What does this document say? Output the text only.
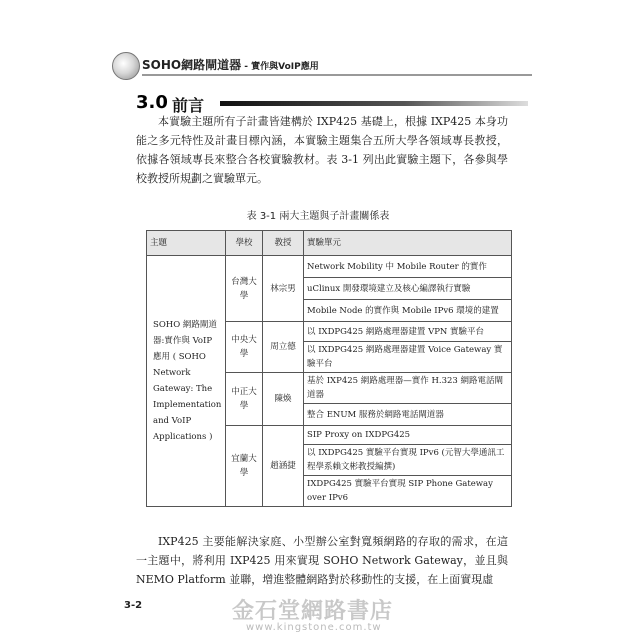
SOHO網路閘道器 - 實作與VoIP應用
3.0 前言

本實驗主題所有子計畫皆建構於 IXP425 基礎上，根據 IXP425 本身功能之多元特性及計畫目標內涵，本實驗主題集合五所大學各領域專長教授，依據各領域專長來整合各校實驗教材。表 3-1 列出此實驗主題下，各參與學校教授所規劃之實驗單元。

表 3-1 兩大主題與子計畫關係表
主題	學校	教授	實驗單元
SOHO 網路閘道器:實作與 VoIP 應用 ( SOHO Network Gateway: The Implementation and VoIP Applications )	台灣大學	林宗男	Network Mobility 中 Mobile Router 的實作
			uClinux 開發環境建立及核心編譯執行實驗
			Mobile Node 的實作與 Mobile IPv6 環境的建置
	中央大學	周立德	以 IXDPG425 網路處理器建置 VPN 實驗平台
			以 IXDPG425 網路處理器建置 Voice Gateway 實驗平台
	中正大學	陳煥	基於 IXP425 網路處理器—實作 H.323 網路電話閘道器
			整合 ENUM 服務於網路電話閘道器
	宜蘭大學	趙涵捷	SIP Proxy on IXDPG425
			以 IXDPG425 實驗平台實現 IPv6 (元智大學通訊工程學系賴文彬教授編撰)
			IXDPG425 實驗平台實現 SIP Phone Gateway over IPv6

IXP425 主要能解決家庭、小型辦公室對寬頻網路的存取的需求，在這一主題中，將利用 IXP425 用來實現 SOHO Network Gateway，並且與 NEMO Platform 並聯，增進整體網路對於移動性的支援，在上面實現虛

3-2	金石堂網路書店
www.kingstone.com.tw
